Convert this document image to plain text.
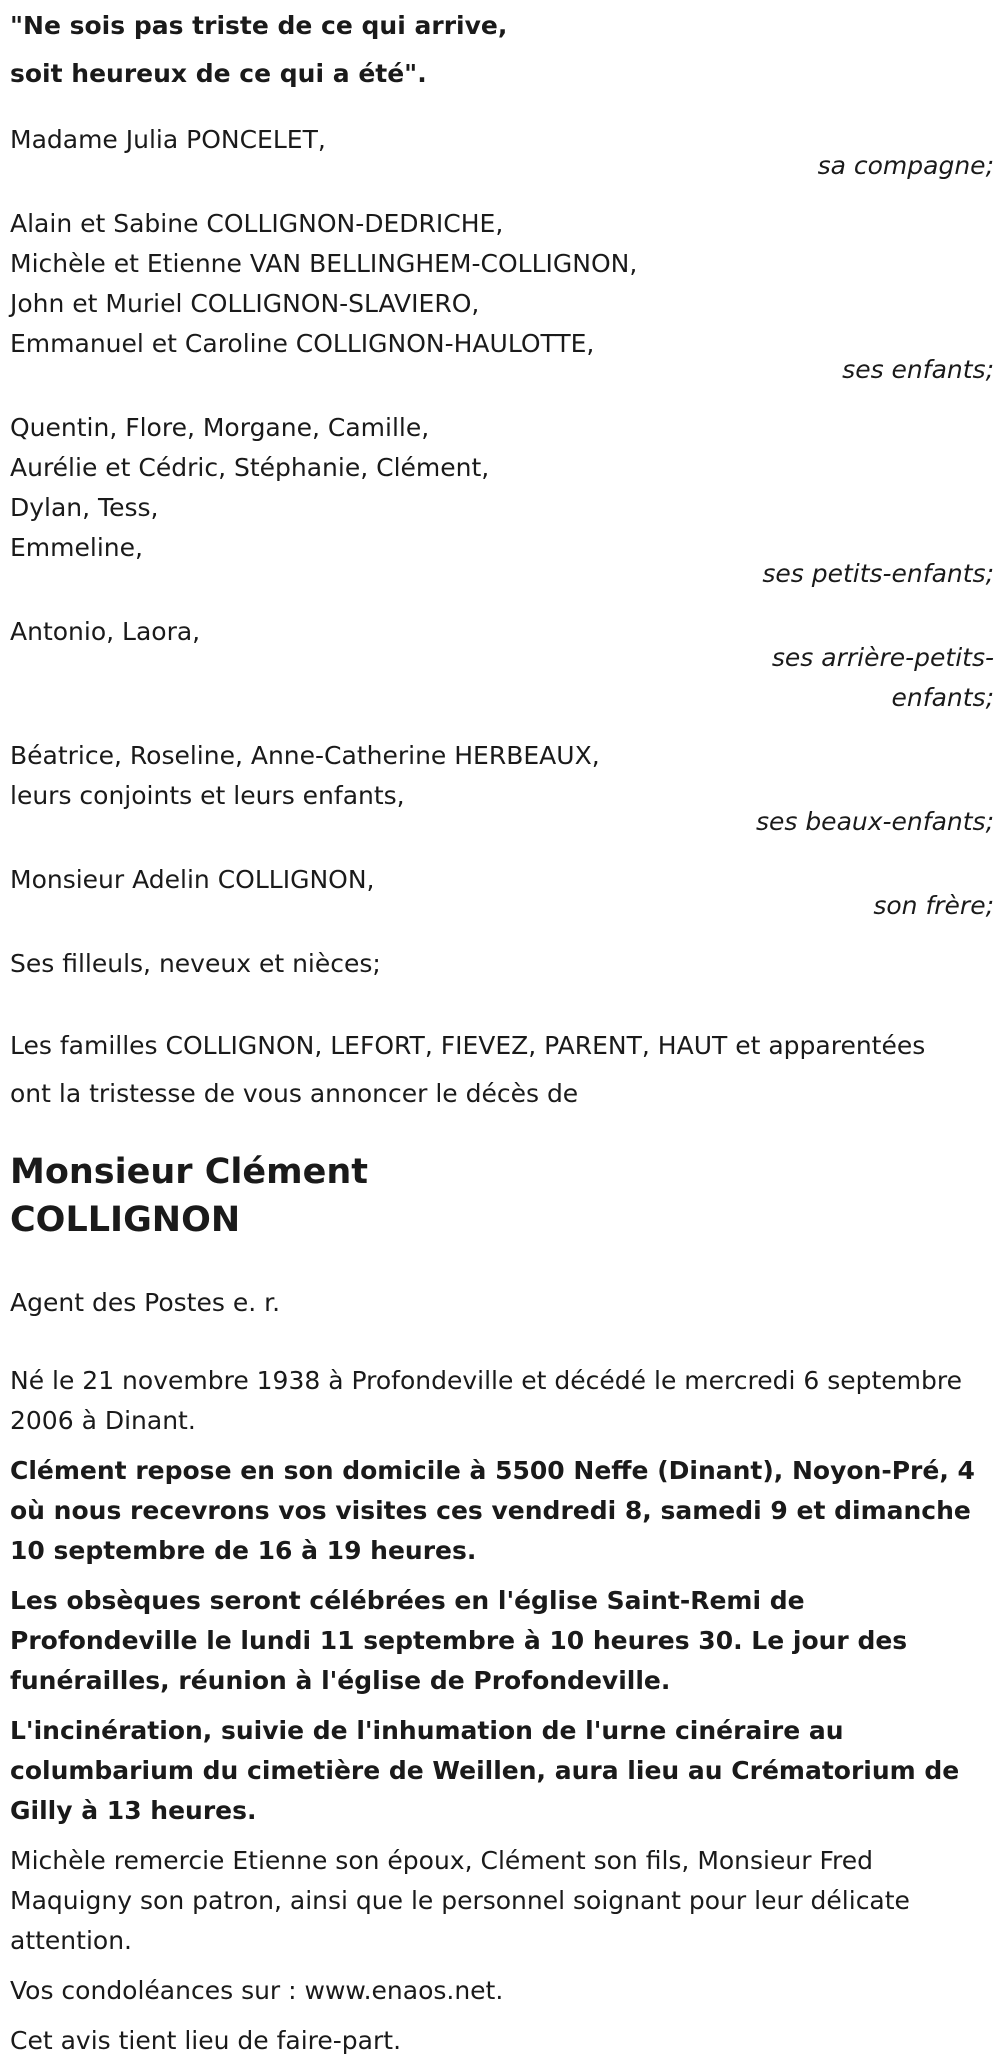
"Ne sois pas triste de ce qui arrive,
soit heureux de ce qui a été".
Madame Julia PONCELET,
sa compagne;
Alain et Sabine COLLIGNON-DEDRICHE,
Michèle et Etienne VAN BELLINGHEM-COLLIGNON,
John et Muriel COLLIGNON-SLAVIERO,
Emmanuel et Caroline COLLIGNON-HAULOTTE,
ses enfants;
Quentin, Flore, Morgane, Camille,
Aurélie et Cédric, Stéphanie, Clément,
Dylan, Tess,
Emmeline,
ses petits-enfants;
Antonio, Laora,
ses arrière-petits-
enfants;
Béatrice, Roseline, Anne-Catherine HERBEAUX,
leurs conjoints et leurs enfants,
ses beaux-enfants;
Monsieur Adelin COLLIGNON,
son frère;
Ses filleuls, neveux et nièces;
Les familles COLLIGNON, LEFORT, FIEVEZ, PARENT, HAUT et apparentées
ont la tristesse de vous annoncer le décès de
Monsieur Clément
COLLIGNON
Agent des Postes e. r.

Né le 21 novembre 1938 à Profondeville et décédé le mercredi 6 septembre 2006 à Dinant.

Clément repose en son domicile à 5500 Neffe (Dinant), Noyon-Pré, 4 où nous recevrons vos visites ces vendredi 8, samedi 9 et dimanche 10 septembre de 16 à 19 heures.

Les obsèques seront célébrées en l'église Saint-Remi de Profondeville le lundi 11 septembre à 10 heures 30. Le jour des funérailles, réunion à l'église de Profondeville.

L'incinération, suivie de l'inhumation de l'urne cinéraire au columbarium du cimetière de Weillen, aura lieu au Crématorium de Gilly à 13 heures.

Michèle remercie Etienne son époux, Clément son fils, Monsieur Fred Maquigny son patron, ainsi que le personnel soignant pour leur délicate attention.

Vos condoléances sur : www.enaos.net.

Cet avis tient lieu de faire-part.
